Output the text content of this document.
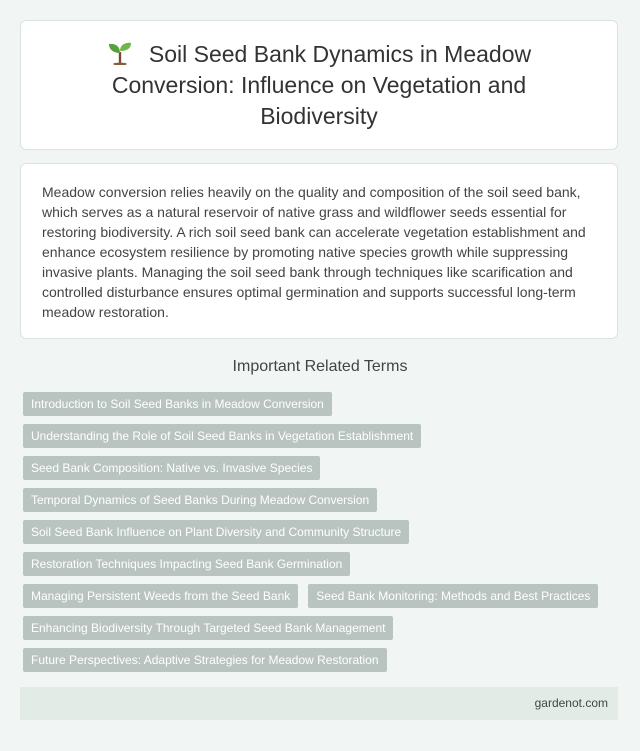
Soil Seed Bank Dynamics in Meadow Conversion: Influence on Vegetation and Biodiversity

Meadow conversion relies heavily on the quality and composition of the soil seed bank, which serves as a natural reservoir of native grass and wildflower seeds essential for restoring biodiversity. A rich soil seed bank can accelerate vegetation establishment and enhance ecosystem resilience by promoting native species growth while suppressing invasive plants. Managing the soil seed bank through techniques like scarification and controlled disturbance ensures optimal germination and supports successful long-term meadow restoration.

Important Related Terms
Introduction to Soil Seed Banks in Meadow Conversion
Understanding the Role of Soil Seed Banks in Vegetation Establishment
Seed Bank Composition: Native vs. Invasive Species
Temporal Dynamics of Seed Banks During Meadow Conversion
Soil Seed Bank Influence on Plant Diversity and Community Structure
Restoration Techniques Impacting Seed Bank Germination
Managing Persistent Weeds from the Seed Bank	Seed Bank Monitoring: Methods and Best Practices
Enhancing Biodiversity Through Targeted Seed Bank Management
Future Perspectives: Adaptive Strategies for Meadow Restoration
gardenot.com
